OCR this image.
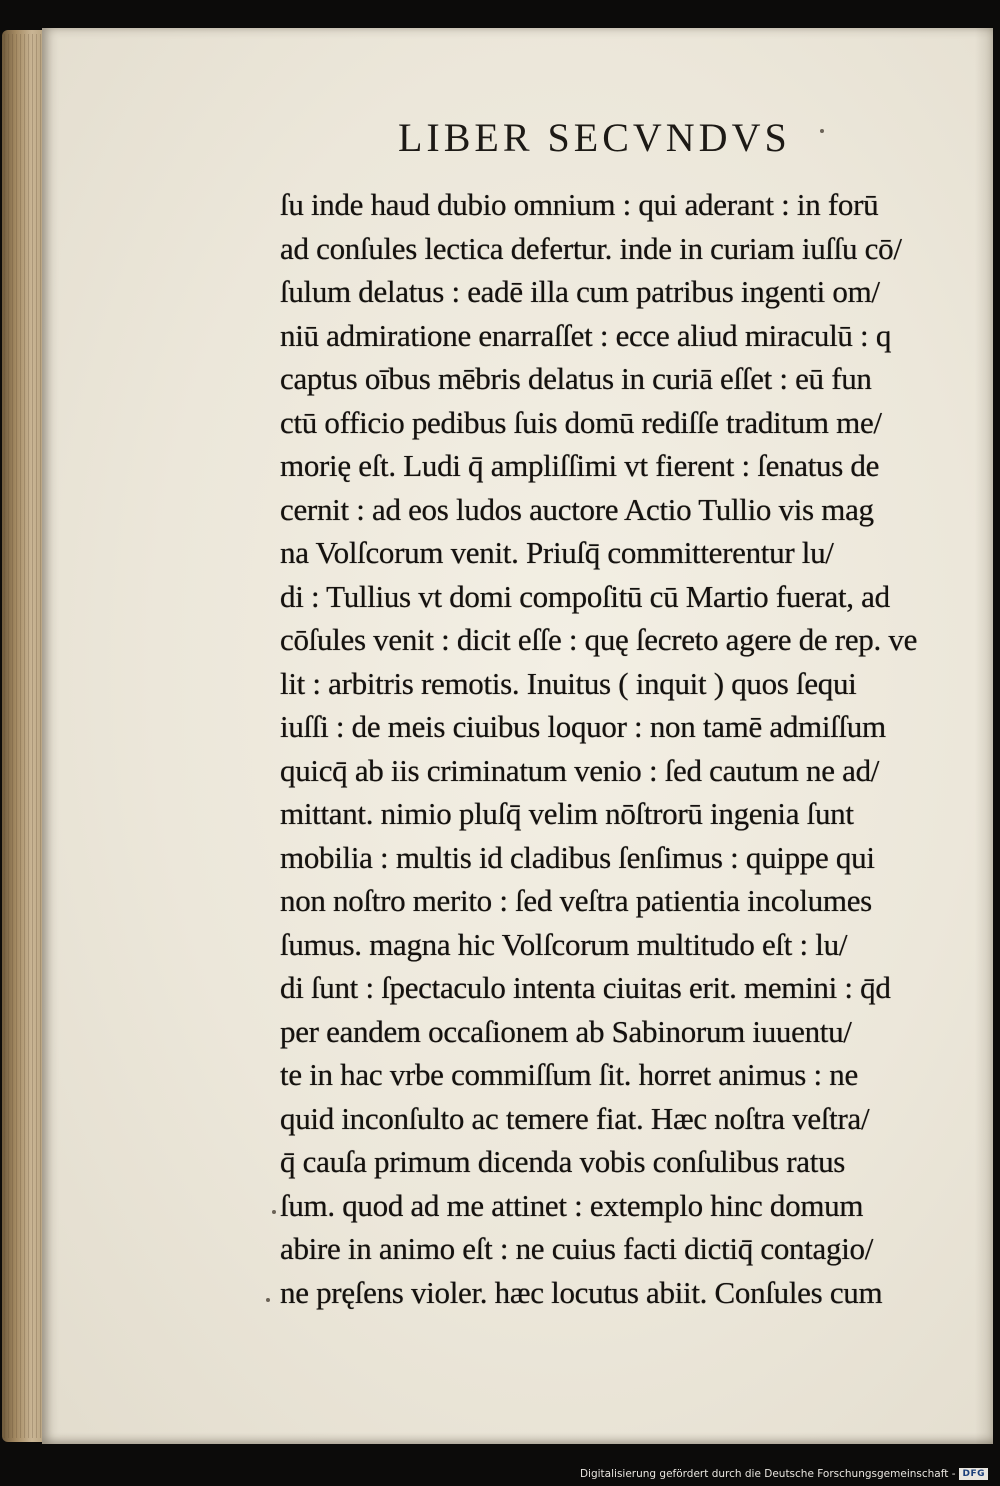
LIBER SECVNDVS
ſu inde haud dubio omnium : qui aderant : in forū
ad conſules lectica defertur. inde in curiam iuſſu cō/
ſulum delatus : eadē illa cum patribus ingenti om/
niū admiratione enarraſſet : ecce aliud miraculū : q
captus oībus mēbris delatus in curiā eſſet : eū fun
ctū officio pedibus ſuis domū rediſſe traditum me/
morię eſt. Ludi q̄ ampliſſimi vt fierent : ſenatus de
cernit : ad eos ludos auctore Actio Tullio vis mag
na Volſcorum venit. Priuſq̄ committerentur lu/
di : Tullius vt domi compoſitū cū Martio fuerat, ad
cōſules venit : dicit eſſe : quę ſecreto agere de rep. ve
lit : arbitris remotis. Inuitus ( inquit ) quos ſequi
iuſſi : de meis ciuibus loquor : non tamē admiſſum
quicq̄ ab iis criminatum venio : ſed cautum ne ad/
mittant. nimio pluſq̄ velim nōſtrorū ingenia ſunt
mobilia : multis id cladibus ſenſimus : quippe qui
non noſtro merito : ſed veſtra patientia incolumes
ſumus. magna hic Volſcorum multitudo eſt : lu/
di ſunt : ſpectaculo intenta ciuitas erit. memini : q̄d
per eandem occaſionem ab Sabinorum iuuentu/
te in hac vrbe commiſſum ſit. horret animus : ne
quid inconſulto ac temere fiat. Hæc noſtra veſtra/
q̄ cauſa primum dicenda vobis conſulibus ratus
ſum. quod ad me attinet : extemplo hinc domum
abire in animo eſt : ne cuius facti dictiq̄ contagio/
ne pręſens violer. hæc locutus abiit. Conſules cum
Digitalisierung gefördert durch die Deutsche Forschungsgemeinschaft - DFG
